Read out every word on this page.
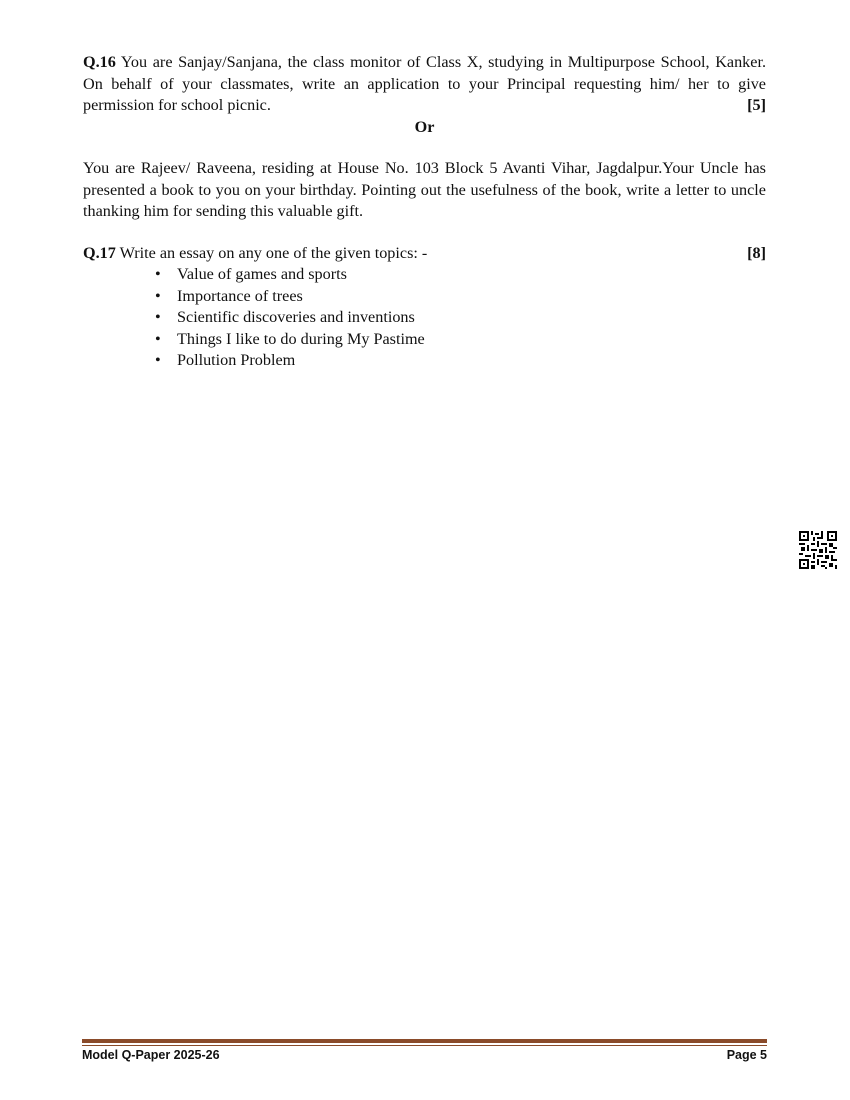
Q.16 You are Sanjay/Sanjana, the class monitor of Class X, studying in Multipurpose School, Kanker. On behalf of your classmates, write an application to your Principal requesting him/ her to give permission for school picnic.	[5]

Or

You are Rajeev/ Raveena, residing at House No. 103 Block 5 Avanti Vihar, Jagdalpur.Your Uncle has presented a book to you on your birthday. Pointing out the usefulness of the book, write a letter to uncle thanking him for sending this valuable gift.

Q.17 Write an essay on any one of the given topics: -	[8]

• Value of games and sports
• Importance of trees
• Scientific discoveries and inventions
• Things I like to do during My Pastime
• Pollution Problem
Model Q-Paper 2025-26	Page 5
